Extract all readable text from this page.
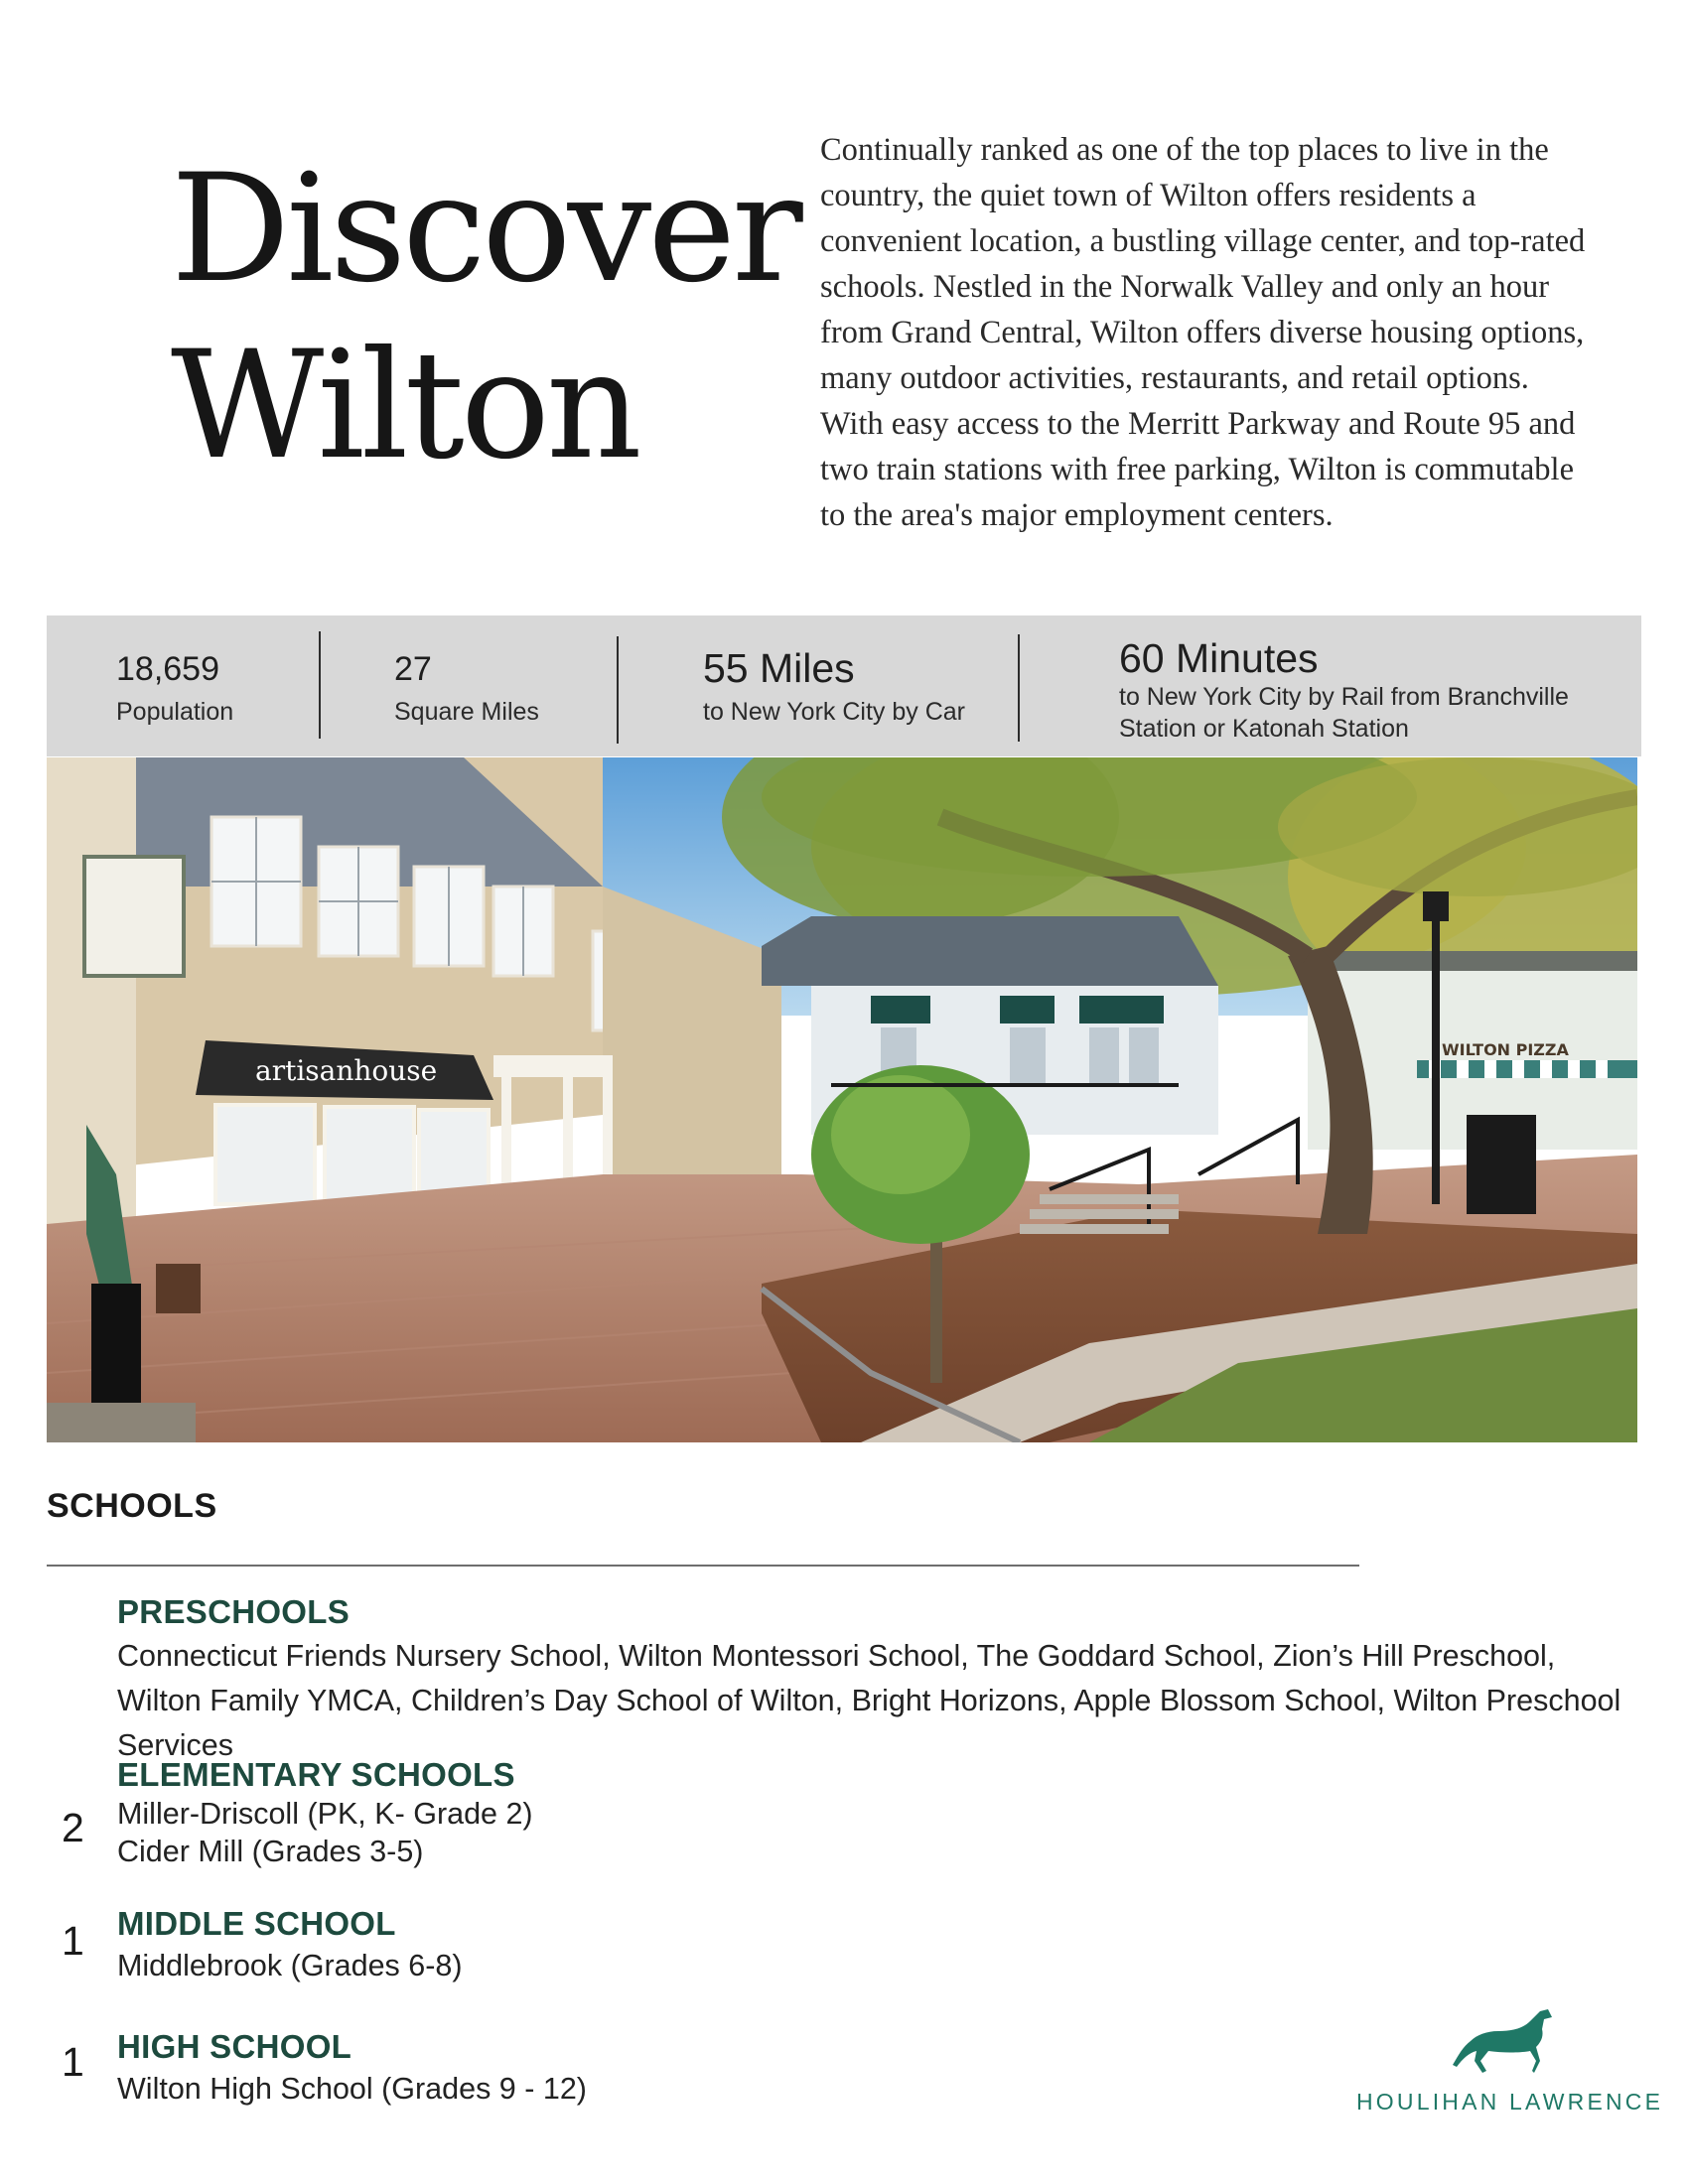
Discover
Wilton

Continually ranked as one of the top places to live in the country, the quiet town of Wilton offers residents a convenient location, a bustling village center, and top-rated schools. Nestled in the Norwalk Valley and only an hour from Grand Central, Wilton offers diverse housing options, many outdoor activities, restaurants, and retail options. With easy access to the Merritt Parkway and Route 95 and two train stations with free parking, Wilton is commutable to the area's major employment centers.

18,659
Population
27
Square Miles
55 Miles
to New York City by Car
60 Minutes
to New York City by Rail from Branchville Station or Katonah Station
artisanhouse
WILTON PIZZA
SCHOOLS
PRESCHOOLS
Connecticut Friends Nursery School, Wilton Montessori School, The Goddard School, Zion’s Hill Preschool, Wilton Family YMCA, Children’s Day School of Wilton, Bright Horizons, Apple Blossom School, Wilton Preschool Services
2
ELEMENTARY SCHOOLS
Miller-Driscoll (PK, K- Grade 2)
Cider Mill (Grades 3-5)
1 MIDDLE SCHOOL
Middlebrook (Grades 6-8)
1 HIGH SCHOOL
Wilton High School (Grades 9 - 12)	HOULIHAN LAWRENCE
